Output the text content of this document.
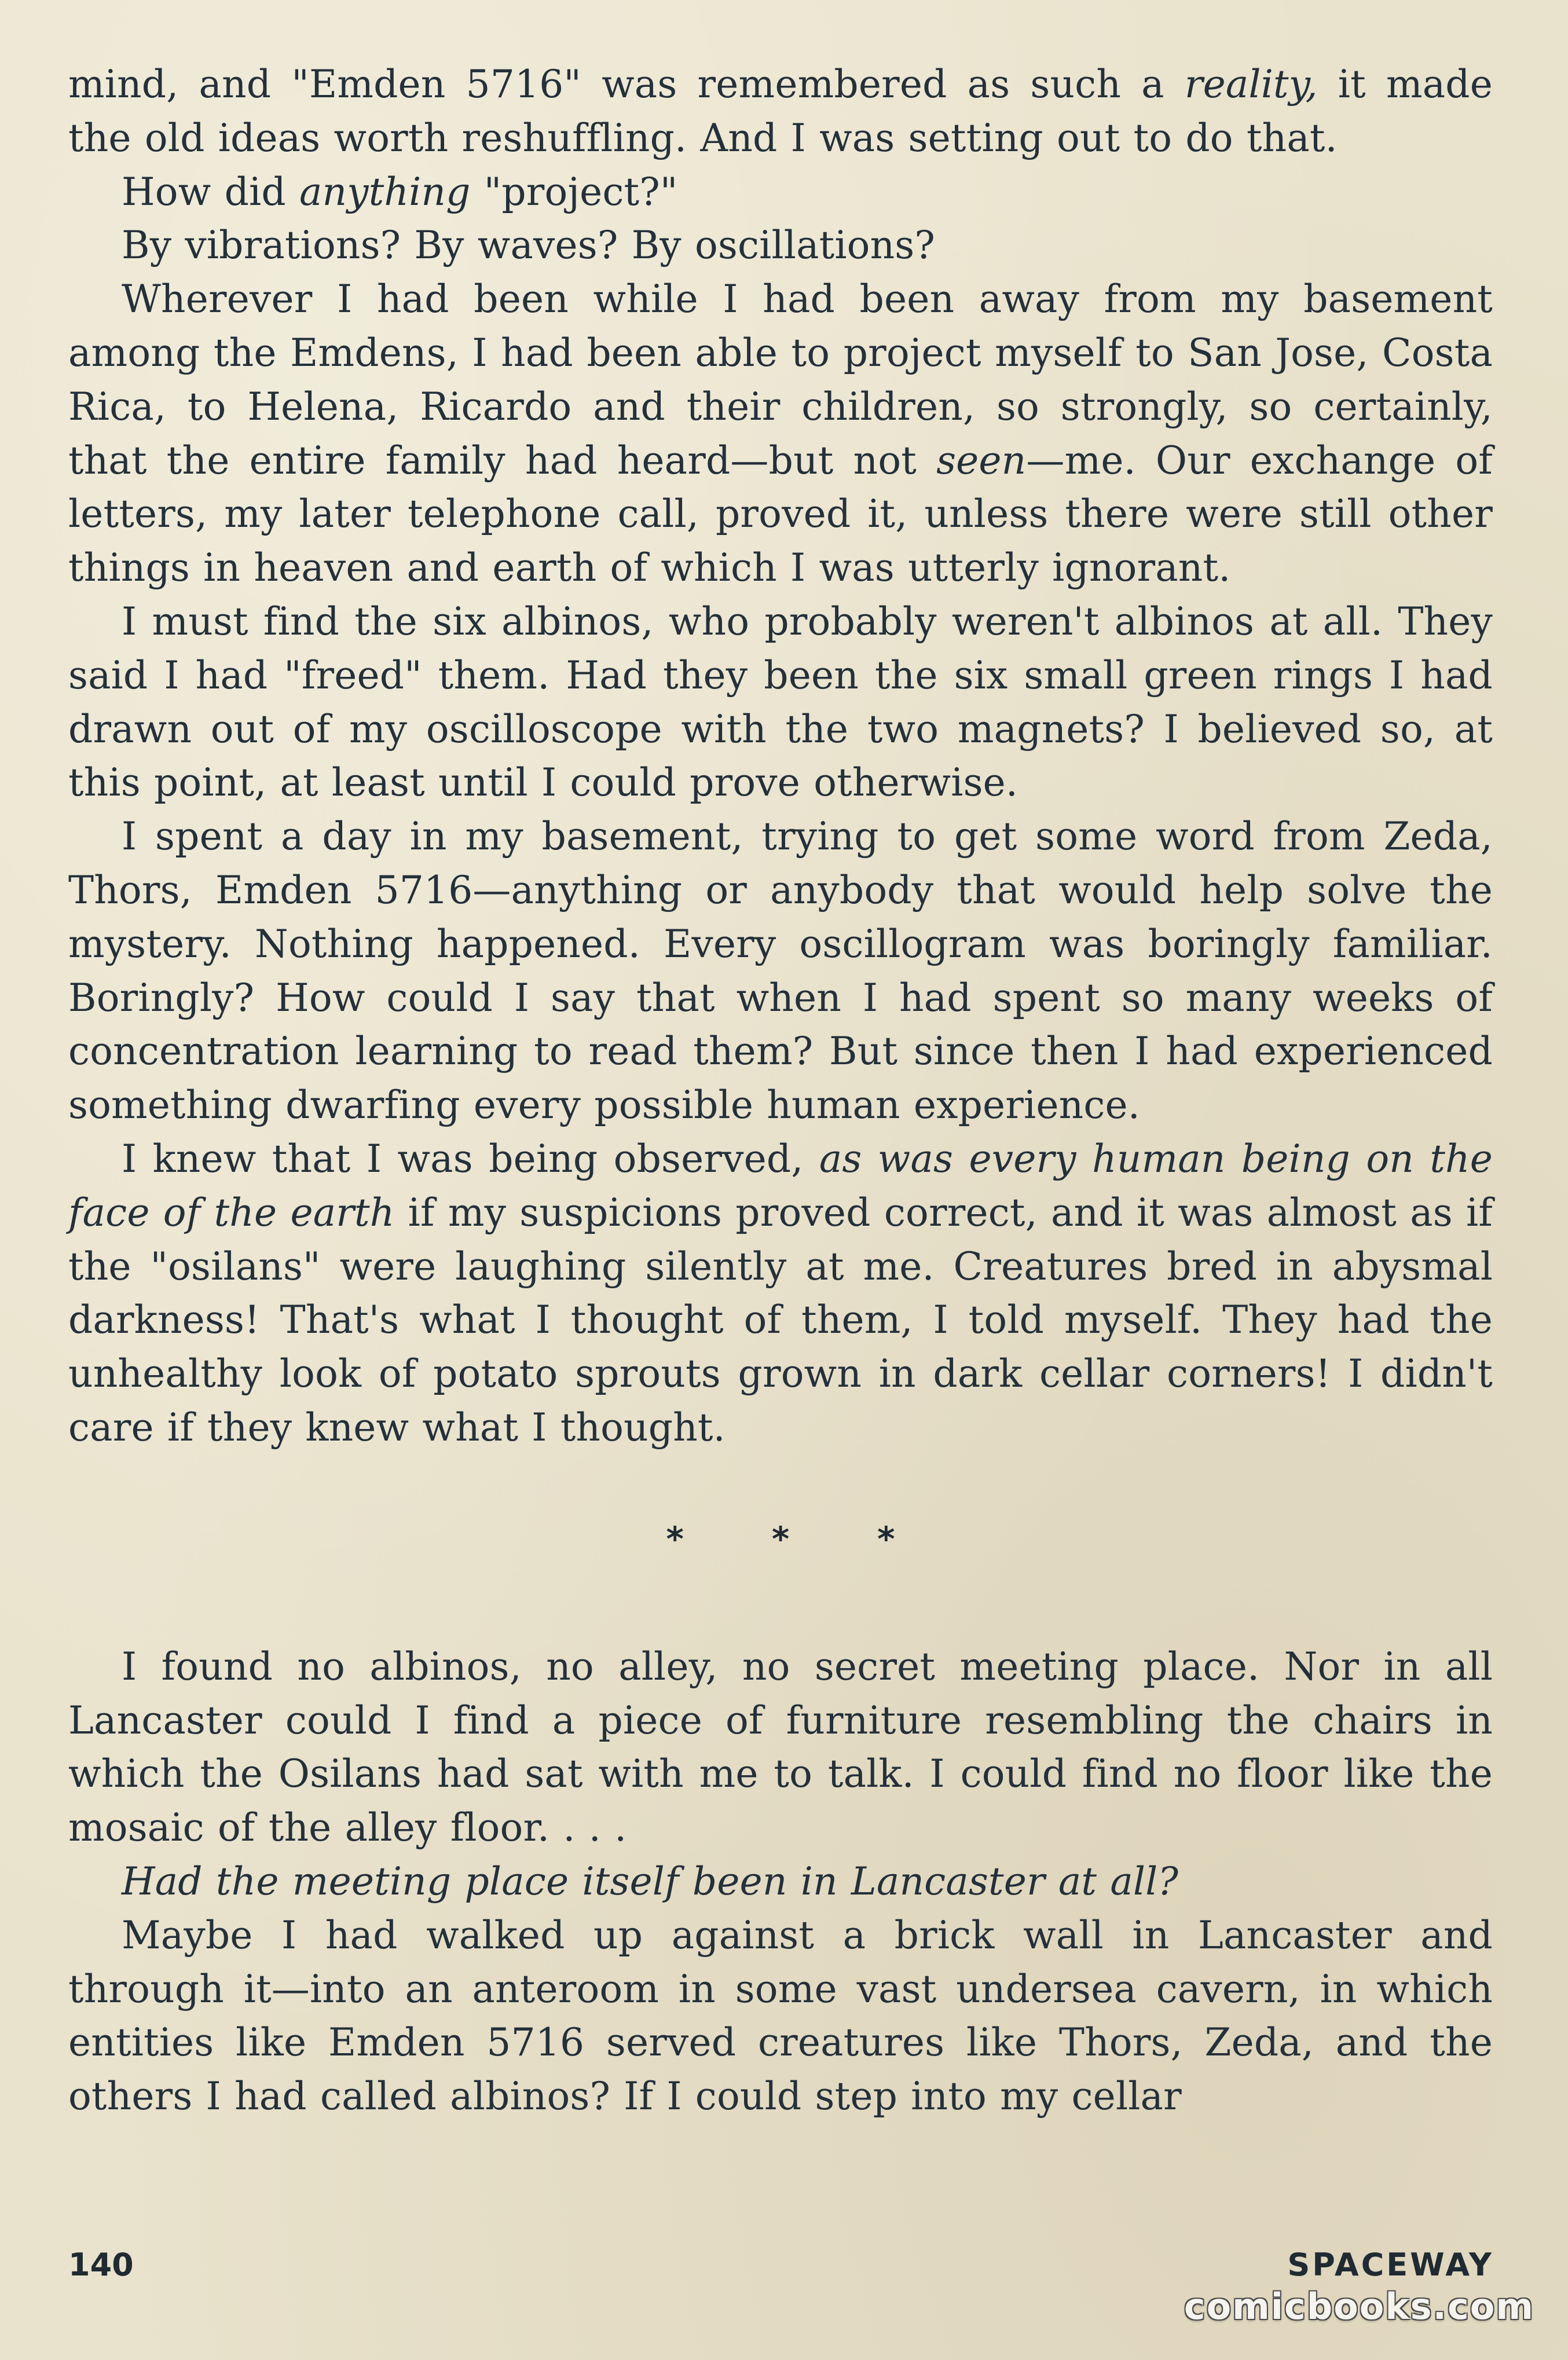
mind, and "Emden 5716" was remembered as such a reality, it made the old ideas worth reshuffling. And I was setting out to do that.

How did anything "project?"

By vibrations? By waves? By oscillations?

Wherever I had been while I had been away from my basement among the Emdens, I had been able to project myself to San Jose, Costa Rica, to Helena, Ricardo and their children, so strongly, so certainly, that the entire family had heard—but not seen—me. Our exchange of letters, my later telephone call, proved it, unless there were still other things in heaven and earth of which I was utterly ignorant.

I must find the six albinos, who probably weren't albinos at all. They said I had "freed" them. Had they been the six small green rings I had drawn out of my oscilloscope with the two magnets? I believed so, at this point, at least until I could prove otherwise.

I spent a day in my basement, trying to get some word from Zeda, Thors, Emden 5716—anything or anybody that would help solve the mystery. Nothing happened. Every oscillogram was boringly familiar. Boringly? How could I say that when I had spent so many weeks of concentration learning to read them? But since then I had experienced something dwarfing every possible human experience.

I knew that I was being observed, as was every human being on the face of the earth if my suspicions proved correct, and it was almost as if the "osilans" were laughing silently at me. Creatures bred in abysmal darkness! That's what I thought of them, I told myself. They had the unhealthy look of potato sprouts grown in dark cellar corners! I didn't care if they knew what I thought.

*	*	*

I found no albinos, no alley, no secret meeting place. Nor in all Lancaster could I find a piece of furniture resembling the chairs in which the Osilans had sat with me to talk. I could find no floor like the mosaic of the alley floor. . . .

Had the meeting place itself been in Lancaster at all?

Maybe I had walked up against a brick wall in Lancaster and through it—into an anteroom in some vast undersea cavern, in which entities like Emden 5716 served creatures like Thors, Zeda, and the others I had called albinos? If I could step into my cellar

140	SPACEWAY
comicbooks.com
